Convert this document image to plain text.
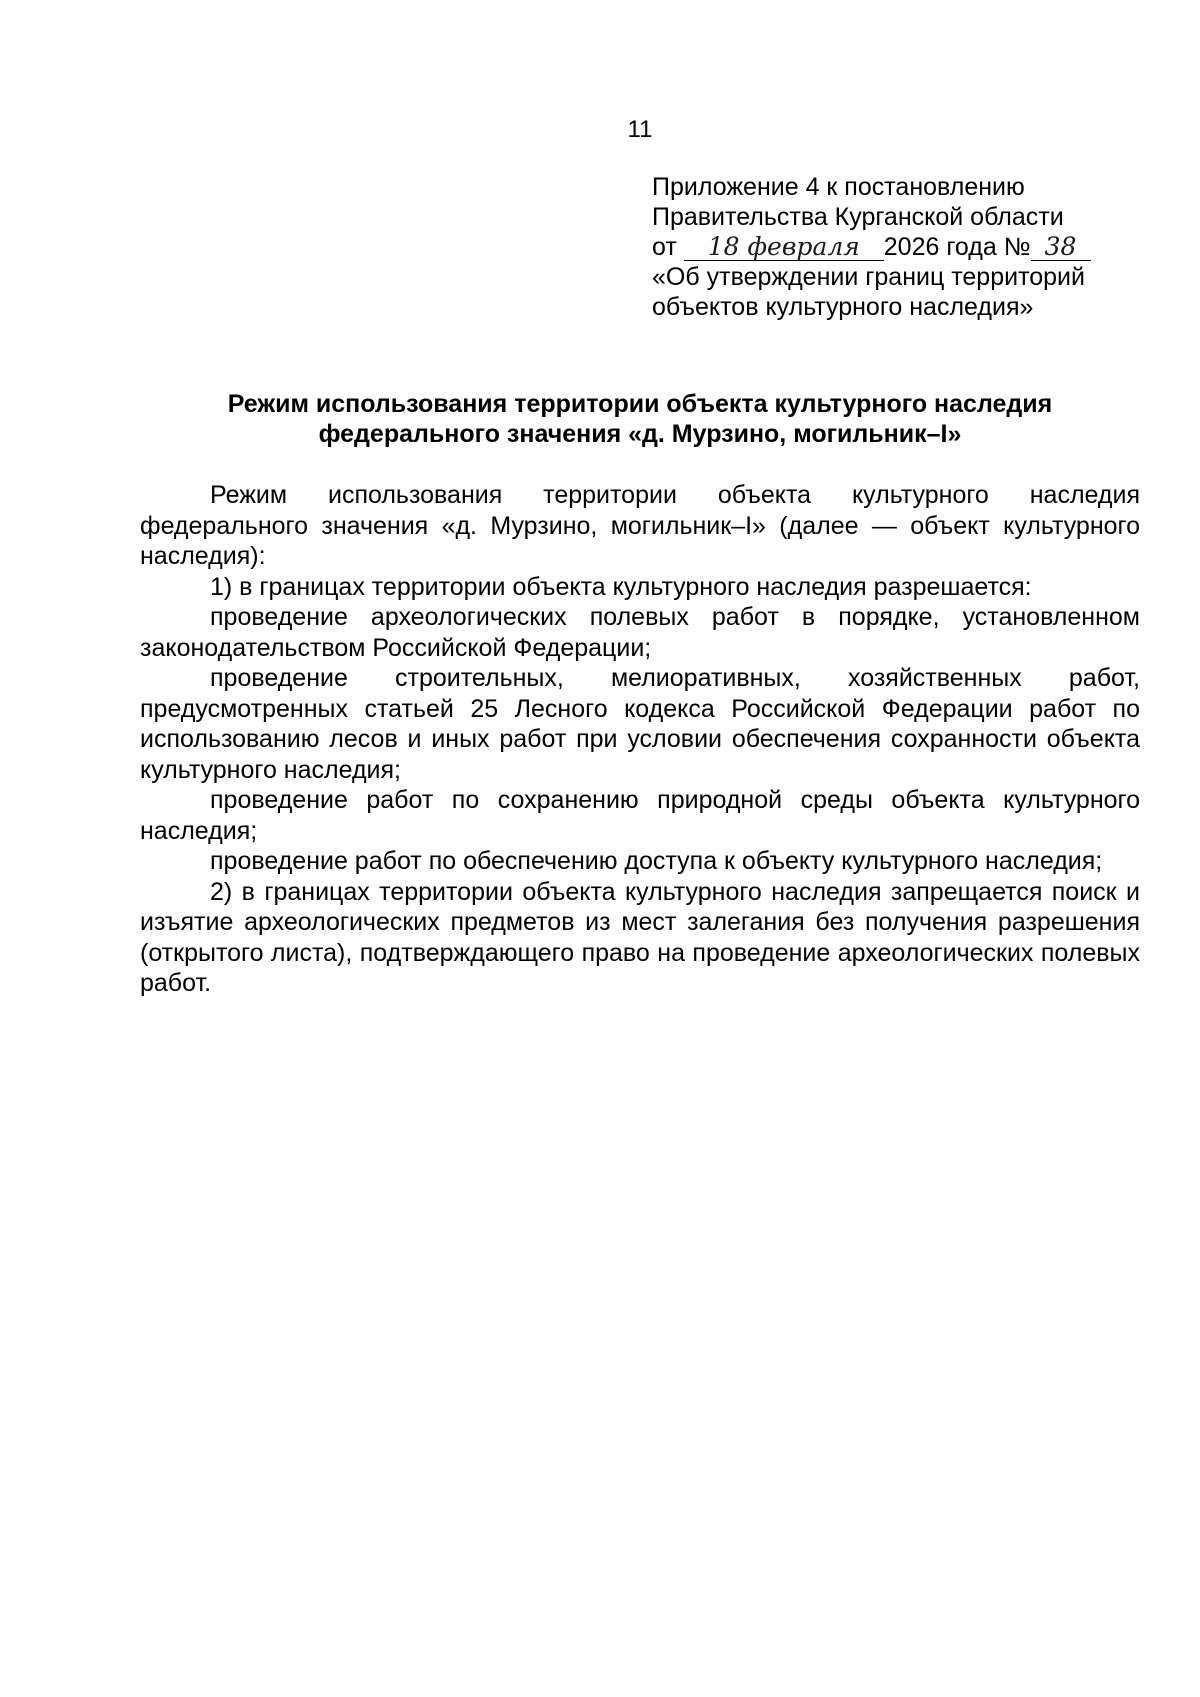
11
Приложение 4 к постановлению
Правительства Курганской области
от 18 февраля 2026 года № 38
«Об утверждении границ территорий
объектов культурного наследия»
Режим использования территории объекта культурного наследия
федерального значения «д. Мурзино, могильник–I»

Режим использования территории объекта культурного наследия федерального значения «д. Мурзино, могильник–I» (далее — объект культурного наследия):

1) в границах территории объекта культурного наследия разрешается:

проведение археологических полевых работ в порядке, установленном законодательством Российской Федерации;

проведение строительных, мелиоративных, хозяйственных работ, предусмотренных статьей 25 Лесного кодекса Российской Федерации работ по использованию лесов и иных работ при условии обеспечения сохранности объекта культурного наследия;

проведение работ по сохранению природной среды объекта культурного наследия;

проведение работ по обеспечению доступа к объекту культурного наследия;

2) в границах территории объекта культурного наследия запрещается поиск и изъятие археологических предметов из мест залегания без получения разрешения (открытого листа), подтверждающего право на проведение археологических полевых работ.
